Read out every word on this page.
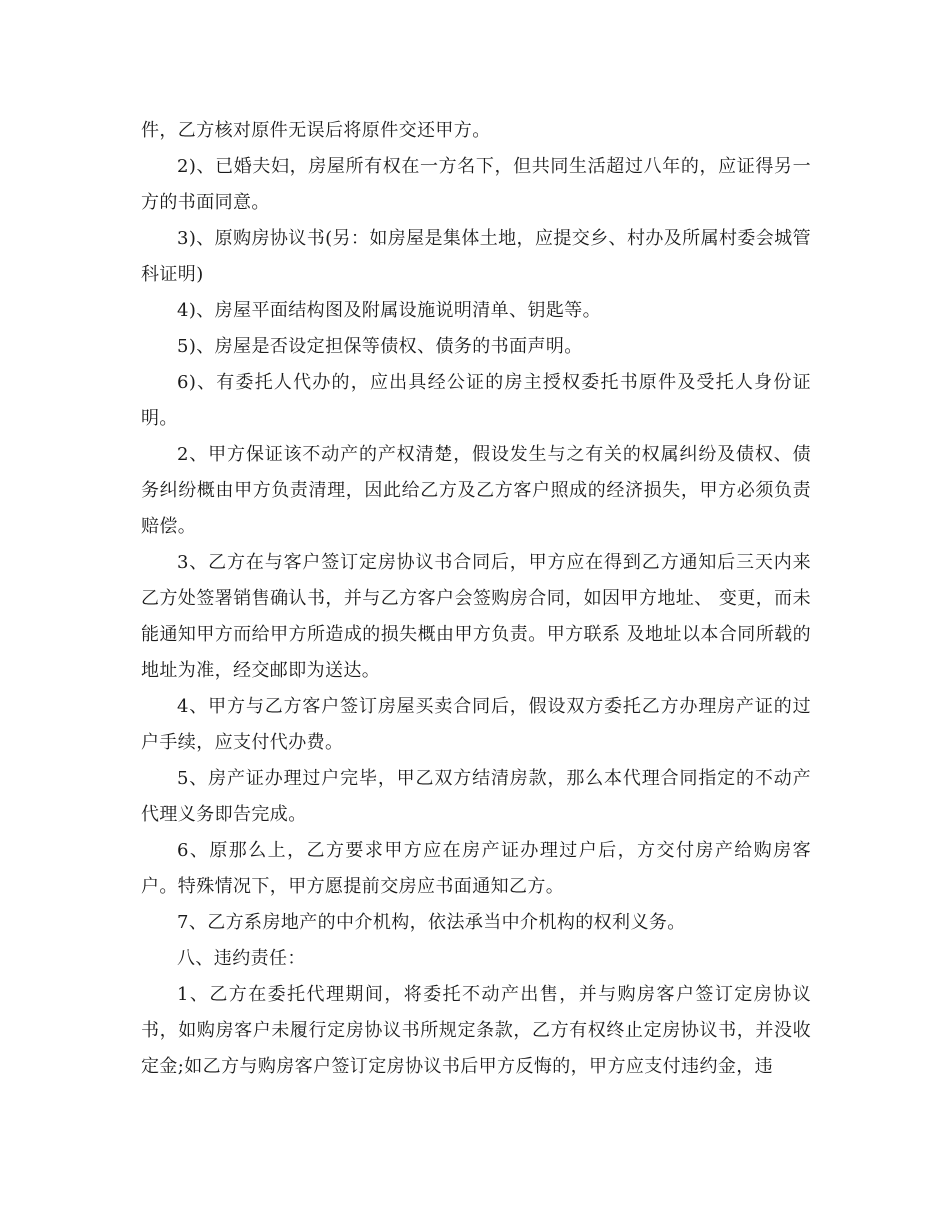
件，乙方核对原件无误后将原件交还甲方。

2)、已婚夫妇，房屋所有权在一方名下，但共同生活超过八年的，应证得另一方的书面同意。

3)、原购房协议书(另：如房屋是集体土地，应提交乡、村办及所属村委会城管科证明)

4)、房屋平面结构图及附属设施说明清单、钥匙等。

5)、房屋是否设定担保等债权、债务的书面声明。

6)、有委托人代办的，应出具经公证的房主授权委托书原件及受托人身份证明。

2、甲方保证该不动产的产权清楚，假设发生与之有关的权属纠纷及债权、债务纠纷概由甲方负责清理，因此给乙方及乙方客户照成的经济损失，甲方必须负责赔偿。

3、乙方在与客户签订定房协议书合同后，甲方应在得到乙方通知后三天内来乙方处签署销售确认书，并与乙方客户会签购房合同，如因甲方地址、 变更，而未能通知甲方而给甲方所造成的损失概由甲方负责。甲方联系 及地址以本合同所载的地址为准，经交邮即为送达。

4、甲方与乙方客户签订房屋买卖合同后，假设双方委托乙方办理房产证的过户手续，应支付代办费。

5、房产证办理过户完毕，甲乙双方结清房款，那么本代理合同指定的不动产代理义务即告完成。

6、原那么上，乙方要求甲方应在房产证办理过户后，方交付房产给购房客户。特殊情况下，甲方愿提前交房应书面通知乙方。

7、乙方系房地产的中介机构，依法承当中介机构的权利义务。

八、违约责任：

1、乙方在委托代理期间，将委托不动产出售，并与购房客户签订定房协议书，如购房客户未履行定房协议书所规定条款，乙方有权终止定房协议书，并没收定金;如乙方与购房客户签订定房协议书后甲方反悔的，甲方应支付违约金，违
